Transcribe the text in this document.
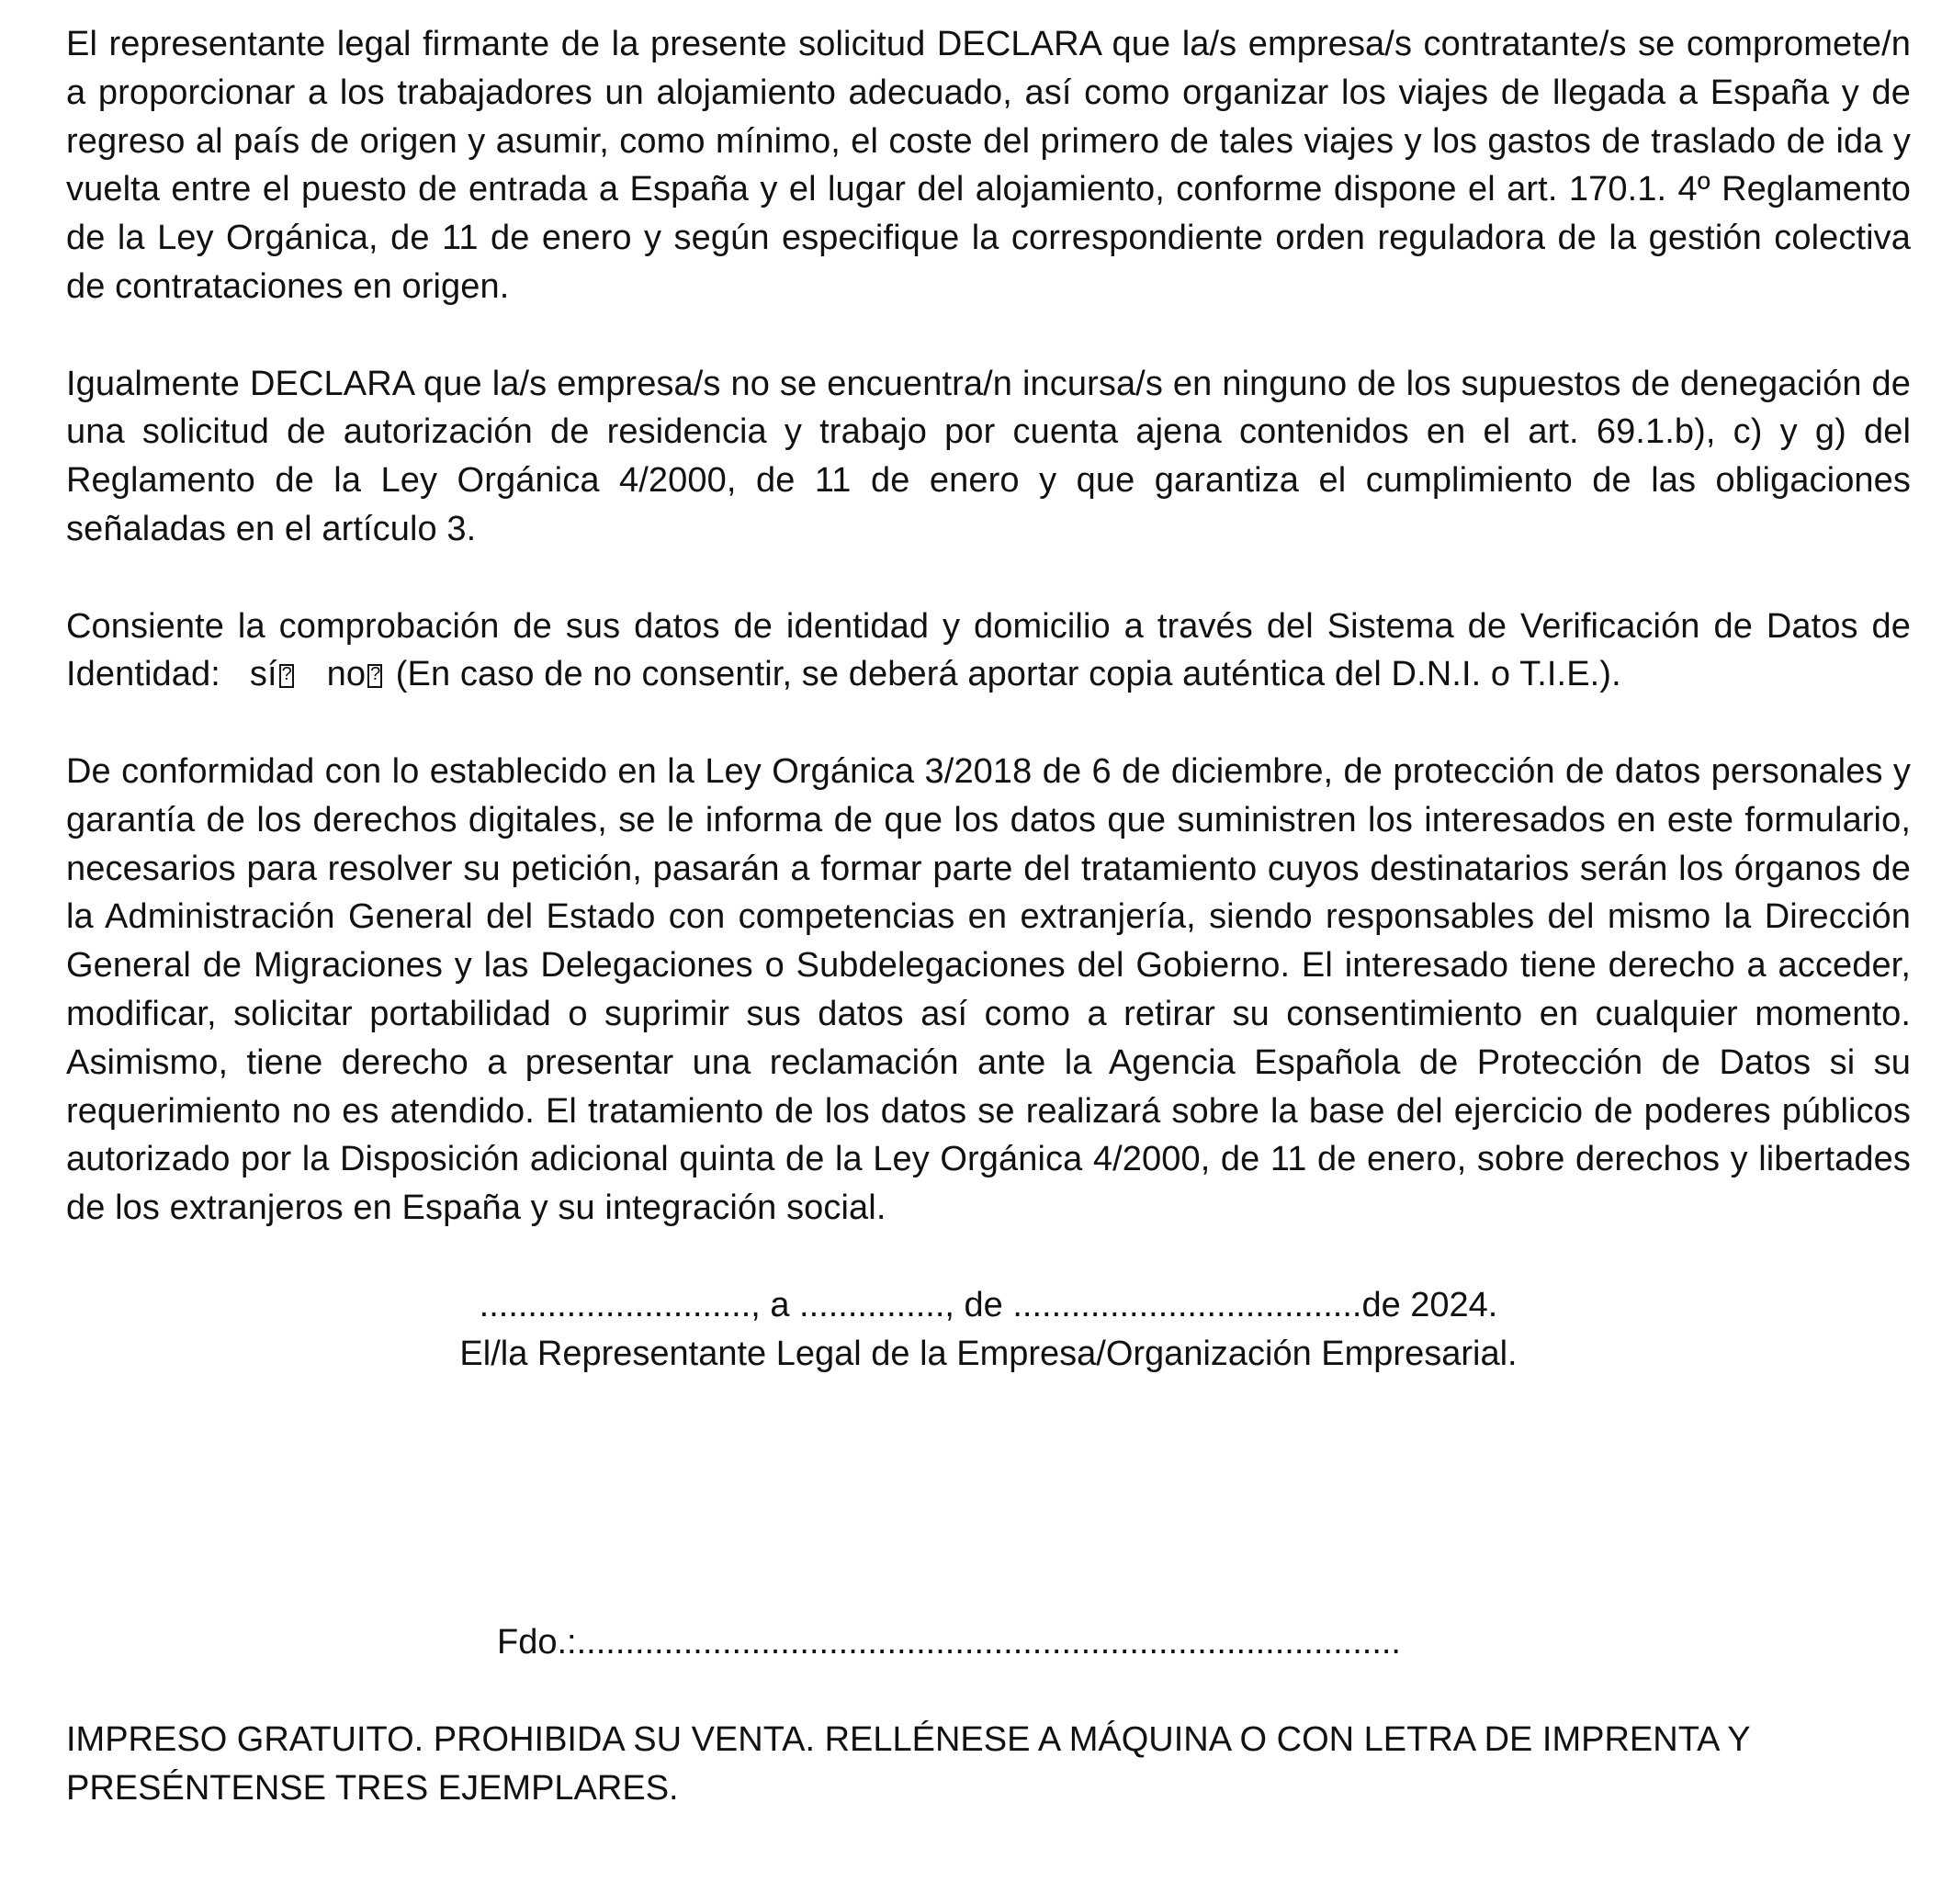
El representante legal firmante de la presente solicitud DECLARA que la/s empresa/s contratante/s se compromete/n a proporcionar a los trabajadores un alojamiento adecuado, así como organizar los viajes de llegada a España y de regreso al país de origen y asumir, como mínimo, el coste del primero de tales viajes y los gastos de traslado de ida y vuelta entre el puesto de entrada a España y el lugar del alojamiento, conforme dispone el art. 170.1. 4º Reglamento de la Ley Orgánica, de 11 de enero y según especifique la correspondiente orden reguladora de la gestión colectiva de contrataciones en origen.

Igualmente DECLARA que la/s empresa/s no se encuentra/n incursa/s en ninguno de los supuestos de denegación de una solicitud de autorización de residencia y trabajo por cuenta ajena contenidos en el art. 69.1.b), c) y g) del Reglamento de la Ley Orgánica 4/2000, de 11 de enero y que garantiza el cumplimiento de las obligaciones señaladas en el artículo 3.

Consiente la comprobación de sus datos de identidad y domicilio a través del Sistema de Verificación de Datos de Identidad: sí ? no ? (En caso de no consentir, se deberá aportar copia auténtica del D.N.I. o T.I.E.).

De conformidad con lo establecido en la Ley Orgánica 3/2018 de 6 de diciembre, de protección de datos personales y garantía de los derechos digitales, se le informa de que los datos que suministren los interesados en este formulario, necesarios para resolver su petición, pasarán a formar parte del tratamiento cuyos destinatarios serán los órganos de la Administración General del Estado con competencias en extranjería, siendo responsables del mismo la Dirección General de Migraciones y las Delegaciones o Subdelegaciones del Gobierno. El interesado tiene derecho a acceder, modificar, solicitar portabilidad o suprimir sus datos así como a retirar su consentimiento en cualquier momento. Asimismo, tiene derecho a presentar una reclamación ante la Agencia Española de Protección de Datos si su requerimiento no es atendido. El tratamiento de los datos se realizará sobre la base del ejercicio de poderes públicos autorizado por la Disposición adicional quinta de la Ley Orgánica 4/2000, de 11 de enero, sobre derechos y libertades de los extranjeros en España y su integración social.

............................, a ..............., de ....................................de 2024.

El/la Representante Legal de la Empresa/Organización Empresarial.

Fdo.:.....................................................................................

IMPRESO GRATUITO. PROHIBIDA SU VENTA. RELLÉNESE A MÁQUINA O CON LETRA DE IMPRENTA Y PRESÉNTENSE TRES EJEMPLARES.
